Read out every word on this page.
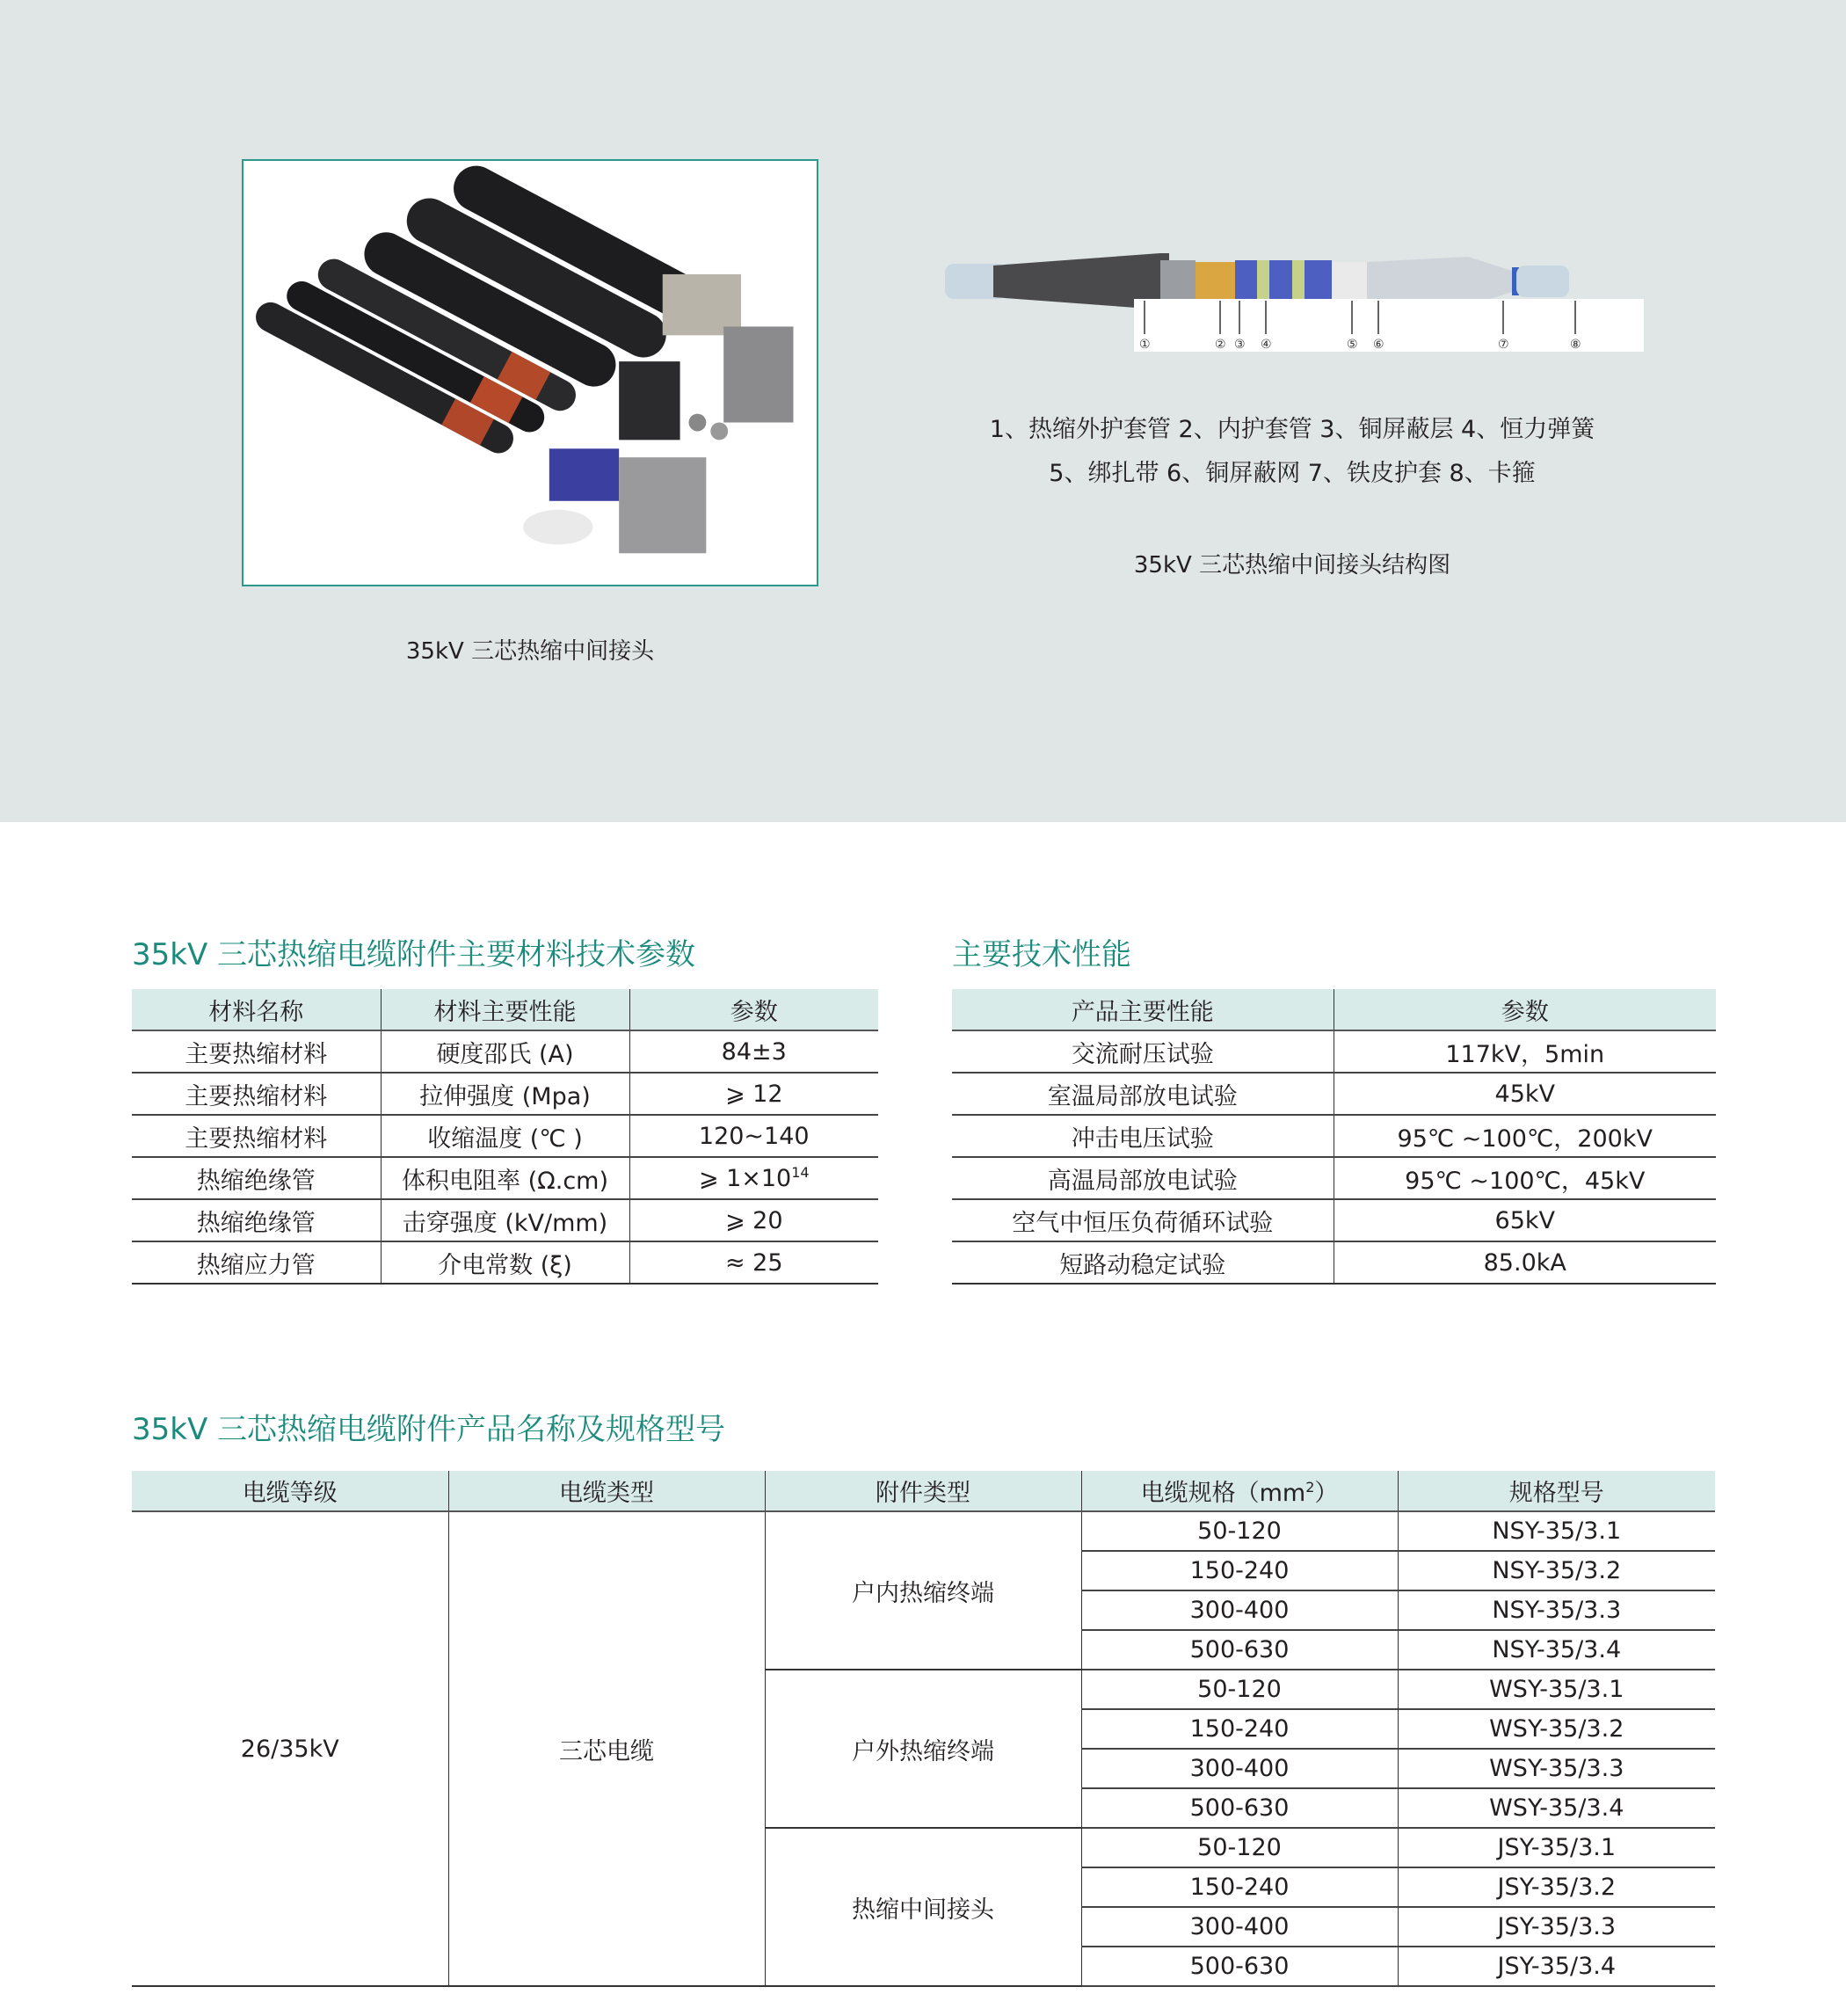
35kV 三芯热缩中间接头
①	② ③ ④	⑤ ⑥	⑦	⑧
1、热缩外护套管 2、内护套管 3、铜屏蔽层 4、恒力弹簧
5、绑扎带 6、铜屏蔽网 7、铁皮护套 8、卡箍
35kV 三芯热缩中间接头结构图
35kV 三芯热缩电缆附件主要材料技术参数	主要技术性能
材料名称	材料主要性能	参数
主要热缩材料	硬度邵氏 (A)	84±3
主要热缩材料	拉伸强度 (Mpa)	⩾ 12
主要热缩材料	收缩温度 (℃ )	120~140
热缩绝缘管	体积电阻率 (Ω.cm)	⩾ $1\times 10^{14}$
热缩绝缘管	击穿强度 (kV/mm)	⩾ 20
热缩应力管	介电常数 (ξ)	≈ 25
产品主要性能	参数
交流耐压试验	117kV，5min
室温局部放电试验	45kV
冲击电压试验	95℃ ~100℃，200kV
高温局部放电试验	95℃ ~100℃，45kV
空气中恒压负荷循环试验	65kV
短路动稳定试验	85.0kA
35kV 三芯热缩电缆附件产品名称及规格型号
电缆等级	电缆类型	附件类型	电缆规格$(mm^2)$	规格型号
26/35kV	三芯电缆	户内热缩终端	50-120	NSY-35/3.1
			150-240	NSY-35/3.2
			300-400	NSY-35/3.3
			500-630	NSY-35/3.4
		户外热缩终端	50-120	WSY-35/3.1
			150-240	WSY-35/3.2
			300-400	WSY-35/3.3
			500-630	WSY-35/3.4
		热缩中间接头	50-120	JSY-35/3.1
			150-240	JSY-35/3.2
			300-400	JSY-35/3.3
			500-630	JSY-35/3.4
